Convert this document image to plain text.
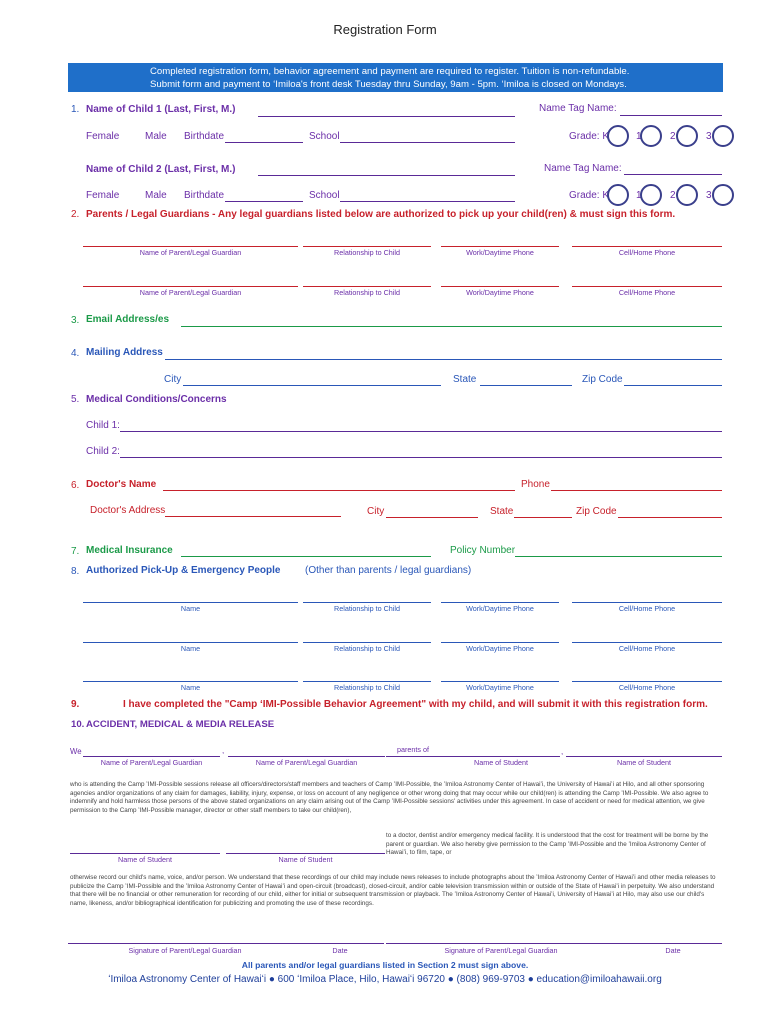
Registration Form
Completed registration form, behavior agreement and payment are required to register. Tuition is non-refundable.
Submit form and payment to ʻImiloa's front desk Tuesday thru Sunday, 9am - 5pm. ʻImiloa is closed on Mondays.
1. Name of Child 1 (Last, First, M.)	Name Tag Name:
Female	Male Birthdate	School	Grade: K	1	2	3
Name of Child 2 (Last, First, M.)	Name Tag Name:
Female	Male Birthdate	School	Grade: K	1	2	3
2. Parents / Legal Guardians - Any legal guardians listed below are authorized to pick up your child(ren) & must sign this form.
Name of Parent/Legal Guardian	Relationship to Child	Work/Daytime Phone	Cell/Home Phone
Name of Parent/Legal Guardian	Relationship to Child	Work/Daytime Phone	Cell/Home Phone
3. Email Address/es
4. Mailing Address
City	State	Zip Code
5. Medical Conditions/Concerns
Child 1:
Child 2:
6. Doctor's Name	Phone
Doctor's Address	City	State	Zip Code
7. Medical Insurance	Policy Number
8. Authorized Pick-Up & Emergency People (Other than parents / legal guardians)
Name	Relationship to Child	Work/Daytime Phone	Cell/Home Phone
Name	Relationship to Child	Work/Daytime Phone	Cell/Home Phone
Name	Relationship to Child	Work/Daytime Phone	Cell/Home Phone
9.	I have completed the "Camp ʻIMI-Possible Behavior Agreement" with my child, and will submit it with this registration form.
10. ACCIDENT, MEDICAL & MEDIA RELEASE
We	,	parents of	,
Name of Parent/Legal Guardian	Name of Parent/Legal Guardian	Name of Student	Name of Student
who is attending the Camp ʻIMI-Possible sessions release all officers/directors/staff members and teachers of Camp ʻIMI-Possible, the ʻImiloa Astronomy Center of Hawaiʻi, the University of Hawaiʻi at Hilo, and all other sponsoring agencies and/or organizations of any claim for damages, liability, injury, expense, or loss on account of any negligence or other wrong doing that may occur while our child(ren) is attending the Camp ʻIMI-Possible. We also agree to indemnify and hold harmless those persons of the above stated organizations on any claim arising out of the Camp ʻIMI-Possible sessions' activities under this agreement. In case of accident or need for medical attention, we give permission to the Camp ʻIMI-Possible manager, director or other staff members to take our child(ren),
Name of Student	Name of Student
to a doctor, dentist and/or emergency medical facility. It is understood that the cost for treatment will be borne by the parent or guardian. We also hereby give permission to the Camp ʻIMI-Possible and the ʻImiloa Astronomy Center of Hawaiʻi, to film, tape, or
otherwise record our child's name, voice, and/or person. We understand that these recordings of our child may include news releases to include photographs about the ʻImiloa Astronomy Center of Hawaiʻi and other media releases to publicize the Camp ʻIMI-Possible and the ʻImiloa Astronomy Center of Hawaiʻi and open-circuit (broadcast), closed-circuit, and/or cable television transmission within or outside of the State of Hawaiʻi in perpetuity. We also understand that there will be no financial or other remuneration for recording of our child, either for initial or subsequent transmission or playback. The ʻImiloa Astronomy Center of Hawaiʻi, University of Hawaiʻi at Hilo, may also use our child's name, likeness, and/or bibliographical identification for publicizing and promoting the use of these recordings.
Signature of Parent/Legal Guardian	Date	Signature of Parent/Legal Guardian	Date
All parents and/or legal guardians listed in Section 2 must sign above.
ʻImiloa Astronomy Center of Hawaiʻi ● 600 ʻImiloa Place, Hilo, Hawaiʻi 96720 ● (808) 969-9703 ● education@imiloahawaii.org
